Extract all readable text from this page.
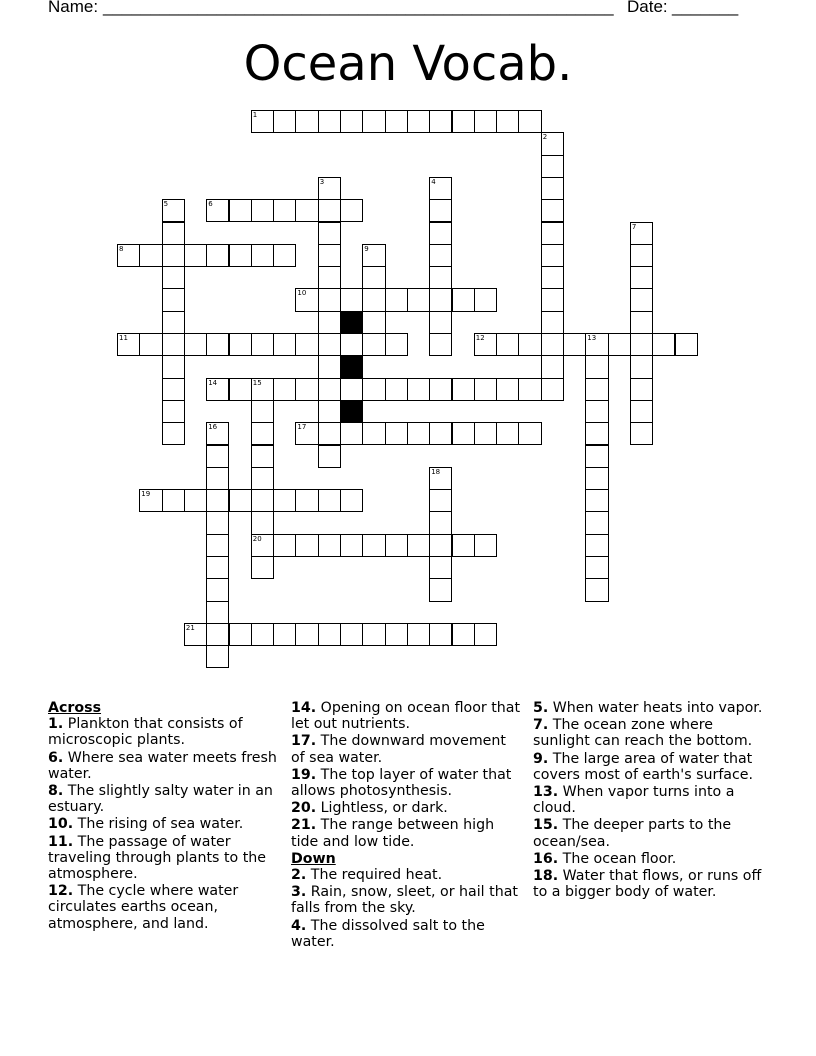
Name: ______________________________________________________ Date: _______
Ocean Vocab.
1
2
3	4
5	6
7
8	9
10
11	12	13
14	15
16	17
18
19
20
21
Across
1. Plankton that consists of microscopic plants.
6. Where sea water meets fresh water.
8. The slightly salty water in an estuary.
10. The rising of sea water.
11. The passage of water traveling through plants to the atmosphere.
12. The cycle where water circulates earths ocean, atmosphere, and land.
14. Opening on ocean floor that let out nutrients.
17. The downward movement of sea water.
19. The top layer of water that allows photosynthesis.
20. Lightless, or dark.
21. The range between high tide and low tide.
Down
2. The required heat.
3. Rain, snow, sleet, or hail that falls from the sky.
4. The dissolved salt to the water.
5. When water heats into vapor.
7. The ocean zone where sunlight can reach the bottom.
9. The large area of water that covers most of earth's surface.
13. When vapor turns into a cloud.
15. The deeper parts to the ocean/sea.
16. The ocean floor.
18. Water that flows, or runs off to a bigger body of water.
